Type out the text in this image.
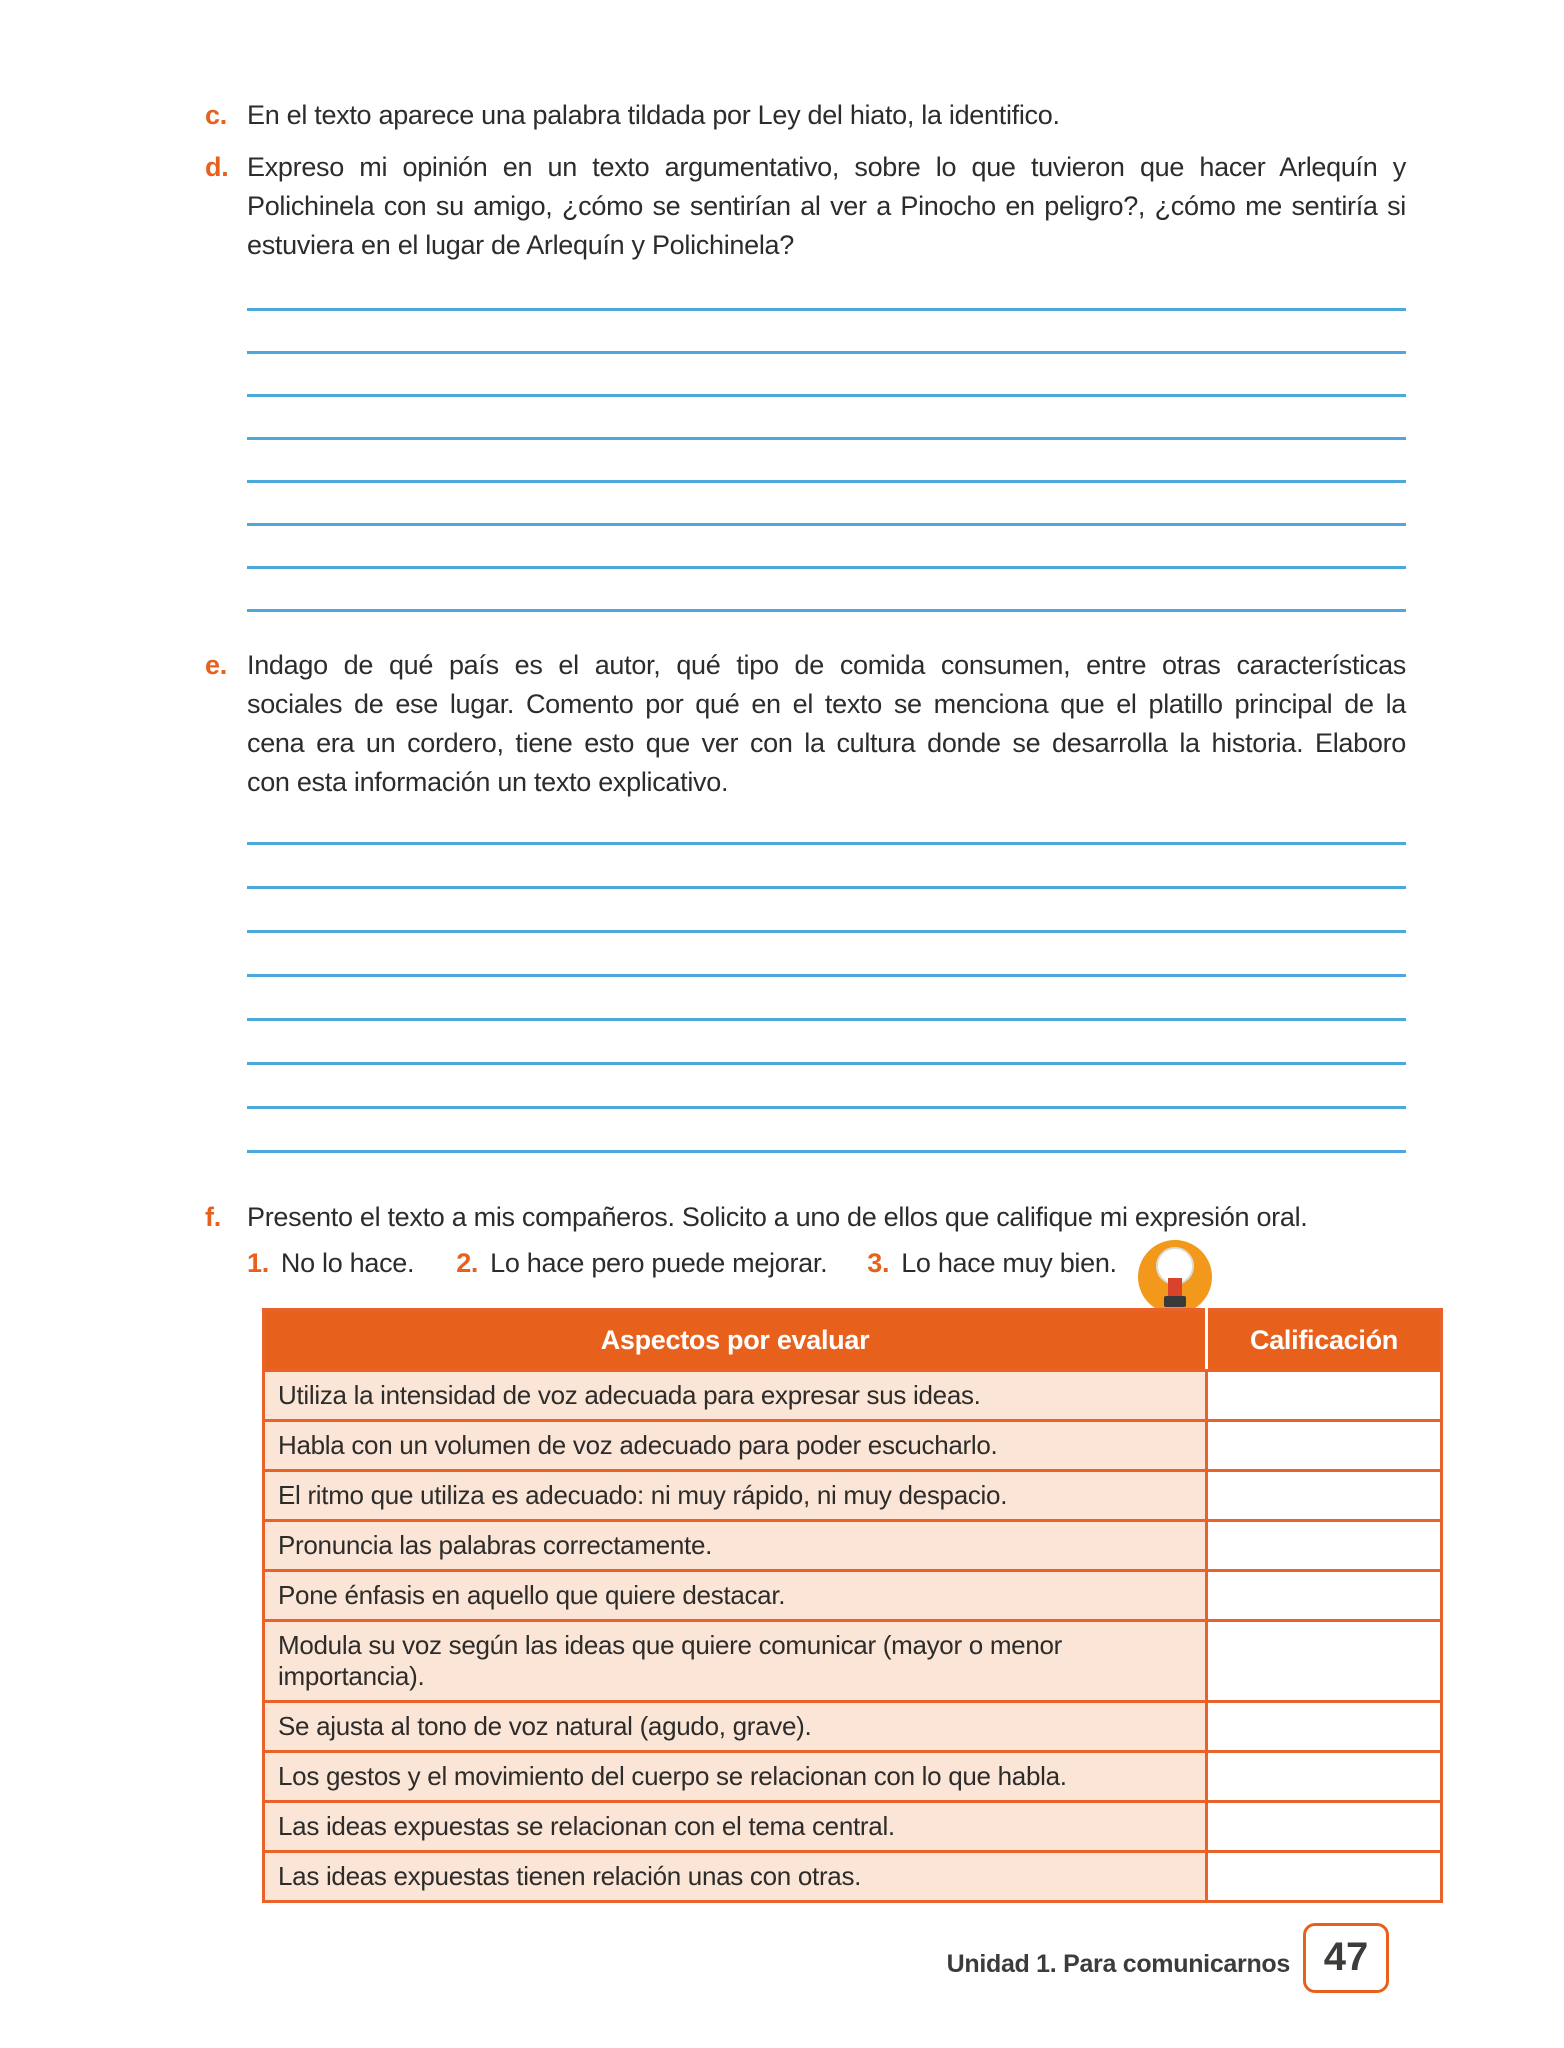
c. En el texto aparece una palabra tildada por Ley del hiato, la identifico.
d. Expreso mi opinión en un texto argumentativo, sobre lo que tuvieron que hacer Arlequín y
Polichinela con su amigo, ¿cómo se sentirían al ver a Pinocho en peligro?, ¿cómo me sentiría si
estuviera en el lugar de Arlequín y Polichinela?
e. Indago de qué país es el autor, qué tipo de comida consumen, entre otras características
sociales de ese lugar. Comento por qué en el texto se menciona que el platillo principal de la
cena era un cordero, tiene esto que ver con la cultura donde se desarrolla la historia. Elaboro
con esta información un texto explicativo.
f. Presento el texto a mis compañeros. Solicito a uno de ellos que califique mi expresión oral.
1. No lo hace. 2. Lo hace pero puede mejorar. 3. Lo hace muy bien.
Aspectos por evaluar	Calificación
Utiliza la intensidad de voz adecuada para expresar sus ideas.	
Habla con un volumen de voz adecuado para poder escucharlo.	
El ritmo que utiliza es adecuado: ni muy rápido, ni muy despacio.	
Pronuncia las palabras correctamente.	
Pone énfasis en aquello que quiere destacar.	
Modula su voz según las ideas que quiere comunicar (mayor o menor importancia).	
Se ajusta al tono de voz natural (agudo, grave).	
Los gestos y el movimiento del cuerpo se relacionan con lo que habla.	
Las ideas expuestas se relacionan con el tema central.	
Las ideas expuestas tienen relación unas con otras.	
Unidad 1. Para comunicarnos 47
